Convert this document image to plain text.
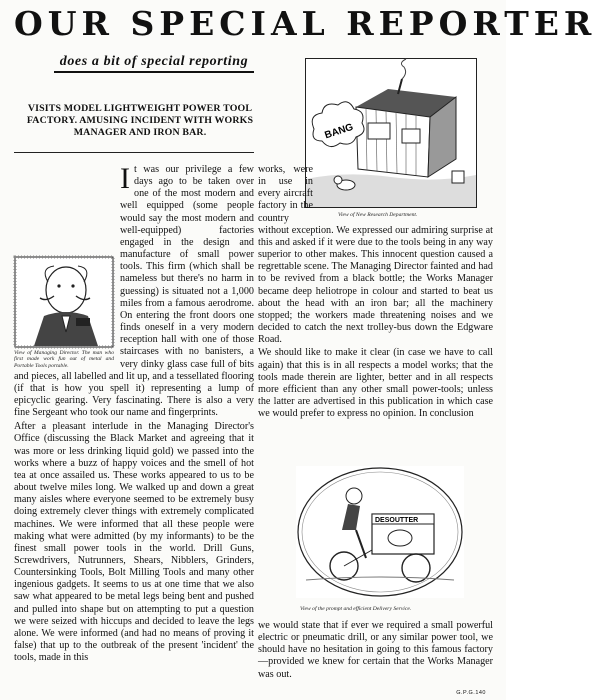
OUR SPECIAL REPORTER
does a bit of special reporting
VISITS MODEL LIGHTWEIGHT POWER TOOL FACTORY. AMUSING INCIDENT WITH WORKS MANAGER AND IRON BAR.	BANG
View of New Research Department.
View of Managing Director. The man who first made work fun out of metal and Portable Tools portable.

It was our privilege a few days ago to be taken over one of the most modern and well equipped (some people would say the most modern and well-equipped) factories engaged in the design and manufacture of small power tools. This firm (which shall be nameless but there's no harm in guessing) is situated not a 1,000 miles from a famous aerodrome. On entering the front doors one finds oneself in a very modern reception hall with one of those staircases with no banisters, a very dinky glass case full of bits and pieces, all labelled and lit up, and a tessellated flooring (if that is how you spell it) representing a lump of epicyclic gearing. Very fascinating. There is also a very fine Sergeant who took our name and fingerprints.

After a pleasant interlude in the Managing Director's Office (discussing the Black Market and agreeing that it was more or less drinking liquid gold) we passed into the works where a buzz of happy voices and the smell of hot tea at once assailed us. These works appeared to us to be about twelve miles long. We walked up and down a great many aisles where everyone seemed to be extremely busy doing extremely clever things with extremely complicated machines. We were informed that all these people were making what were admitted (by my informants) to be the finest small power tools in the world. Drill Guns, Screwdrivers, Nutrunners, Shears, Nibblers, Grinders, Countersinking Tools, Bolt Milling Tools and many other ingenious gadgets. It seems to us at one time that we also saw what appeared to be metal legs being bent and pushed and pulled into shape but on attempting to put a question we were seized with hiccups and decided to leave the legs alone. We were informed (and had no means of proving it false) that up to the outbreak of the present 'incident' the tools, made in this

works, were in use in every aircraft factory in the country without exception. We expressed our admiring surprise at this and asked if it were due to the tools being in any way superior to other makes. This innocent question caused a regrettable scene. The Managing Director fainted and had to be revived from a black bottle; the Works Manager became deep heliotrope in colour and started to beat us about the head with an iron bar; all the machinery stopped; the workers made threatening noises and we decided to catch the next trolley-bus down the Edgware Road.

We should like to make it clear (in case we have to call again) that this is in all respects a model works; that the tools made therein are lighter, better and in all respects more efficient than any other small power-tools; unless the latter are advertised in this publication in which case we would prefer to express no opinion. In conclusion

DESOUTTER
View of the prompt and efficient Delivery Service.

we would state that if ever we required a small powerful electric or pneumatic drill, or any similar power tool, we should have no hesitation in going to this famous factory—provided we knew for certain that the Works Manager was out.

G.P.G.140
